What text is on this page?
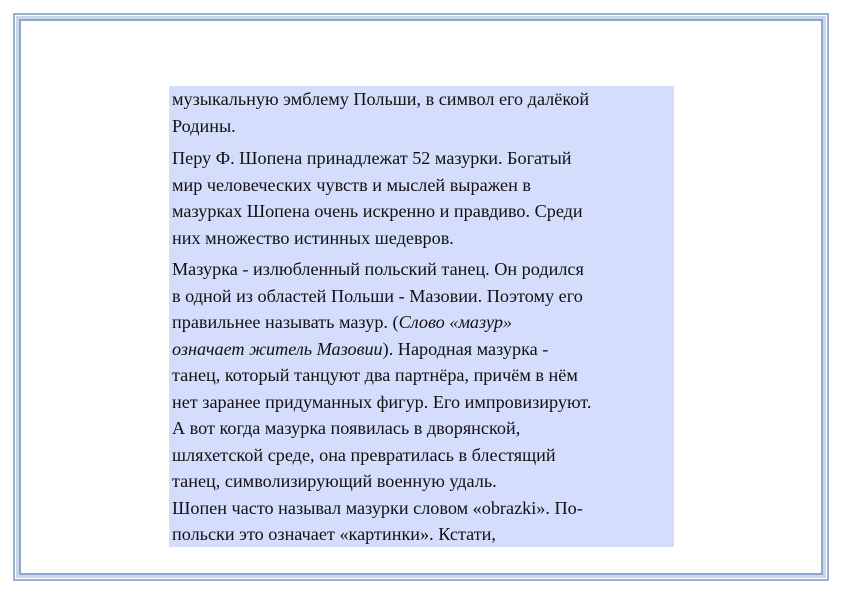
музыкальную эмблему Польши, в символ его далёкой
Родины.

Перу Ф. Шопена принадлежат 52 мазурки. Богатый
мир человеческих чувств и мыслей выражен в
мазурках Шопена очень искренно и правдиво. Среди
них множество истинных шедевров.

Мазурка - излюбленный польский танец. Он родился
в одной из областей Польши - Мазовии. Поэтому его
правильнее называть мазур. (Слово «мазур»
означает житель Мазовии). Народная мазурка -
танец, который танцуют два партнёра, причём в нём
нет заранее придуманных фигур. Его импровизируют.
А вот когда мазурка появилась в дворянской,
шляхетской среде, она превратилась в блестящий
танец, символизирующий военную удаль.
Шопен часто называл мазурки словом «obrazki». По-
польски это означает «картинки». Кстати,
